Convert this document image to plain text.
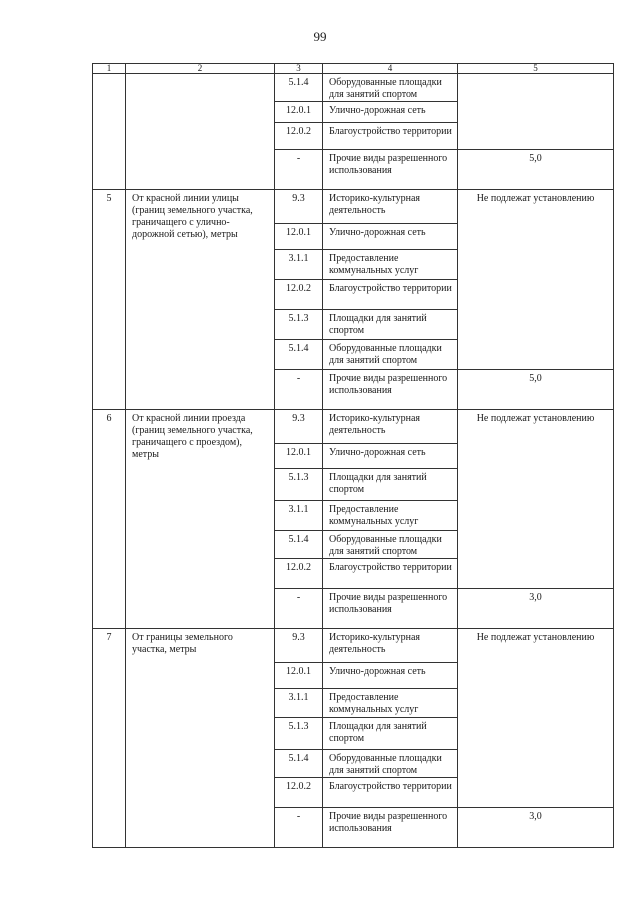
99
1	2	3	4	5
		5.1.4	Оборудованные площадки для занятий спортом	
		12.0.1	Улично-дорожная сеть	
		12.0.2	Благоустройство территории	
		-	Прочие виды разрешенного использования	5,0
5	От красной линии улицы (границ земельного участка, граничащего с улично-дорожной сетью), метры	9.3	Историко-культурная деятельность	Не подлежат установлению
		12.0.1	Улично-дорожная сеть	
		3.1.1	Предоставление коммунальных услуг	
		12.0.2	Благоустройство территории	
		5.1.3	Площадки для занятий спортом	
		5.1.4	Оборудованные площадки для занятий спортом	
		-	Прочие виды разрешенного использования	5,0
6	От красной линии проезда (границ земельного участка, граничащего с проездом), метры	9.3	Историко-культурная деятельность	Не подлежат установлению
		12.0.1	Улично-дорожная сеть	
		5.1.3	Площадки для занятий спортом	
		3.1.1	Предоставление коммунальных услуг	
		5.1.4	Оборудованные площадки для занятий спортом	
		12.0.2	Благоустройство территории	
		-	Прочие виды разрешенного использования	3,0
7	От границы земельного участка, метры	9.3	Историко-культурная деятельность	Не подлежат установлению
		12.0.1	Улично-дорожная сеть	
		3.1.1	Предоставление коммунальных услуг	
		5.1.3	Площадки для занятий спортом	
		5.1.4	Оборудованные площадки для занятий спортом	
		12.0.2	Благоустройство территории	
		-	Прочие виды разрешенного использования	3,0
